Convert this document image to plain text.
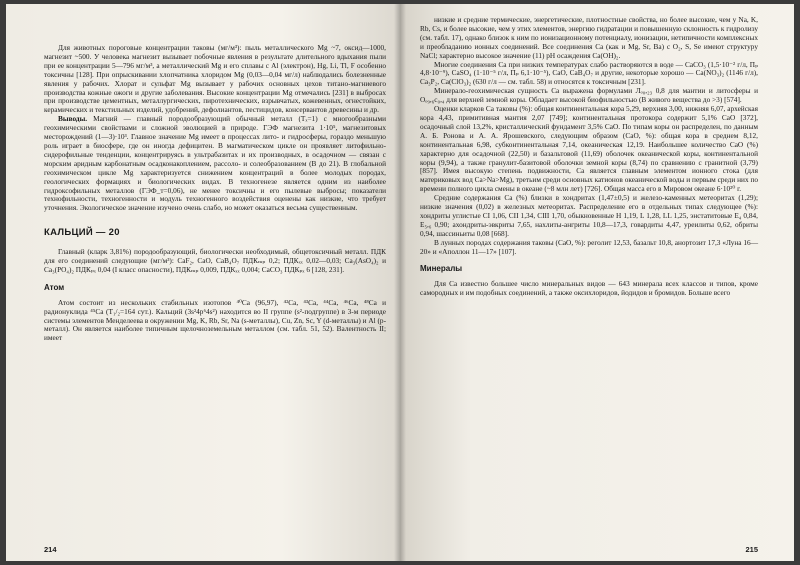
Для животных пороговые концентрации таковы (мг/м³): пыль металлического Mg ~7, оксид—1000, магнезит ~500. У человека магнезит вызывает побочные явления в результате длительного вдыхания пыли при ее концентрации 5—796 мг/м³, а металлический Mg и его сплавы с Al (электрон), Hg, Li, Tl, F особенно токсичны [128]. При опрыскивании хлопчатника хлоридом Mg (0,03—0,04 мг/л) наблюдались болезненные явления у рабочих. Хлорат и сульфат Mg вызывает у рабочих основных цехов титано-магниевого производства кожные ожоги и другие заболевания. Высокие концентрации Mg отмечались [231] в выбросах при производстве цементных, металлургических, пиротехнических, взрывчатых, кожевенных, огнестойких, керамических и текстильных изделий, удобрений, дефолиантов, пестицидов, консервантов древесины и др.

Выводы. Магний — главный породообразующий обычный металл (Tₓ=1) с многообразными геохимическими свойствами и сложной эволюцией в природе. ГЭФ магнезита 1·10⁵, магнезитовых месторождений (1—3)·10³. Главное значение Mg имеет в процессах лито- и гидросферы, гораздо меньшую роль играет в биосфере, где он иногда дефицитен. В магматическом цикле он проявляет литофильно-сидерофильные тенденции, концентрируясь в ультрабазитах и их производных, в осадочном — связан с морским аридным карбонатным осадконакоплением, рассоло- и солеобразованием (В до 21). В глобальной геохимическом цикле Mg характеризуется снижением концентраций в более молодых породах, геологических формациях и биологических видах. В техногенезе является одним из наиболее гидроксофильных металлов (ГЭФ_т=0,06), не менее токсичны и его пылевые выбросы; показатели технофильности, техногенности и модуль техногенного воздействия оценены как низкие, что требует уточнения. Экологическое значение изучено очень слабо, но может оказаться весьма существенным.

КАЛЬЦИЙ — 20

Главный (кларк 3,81%) породообразующий, биологически необходимый, общетоксичный металл. ПДК для его соединений следующие (мг/м³): CaF₂, CaO, CaB₄O₇ ПДКₘₚ 0,2; ПДКₓₓ 0,02—0,03; Ca₃(AsO₄)₂ и Ca₃(PO₄)₂ ПДКₚₓ 0,04 (I класс опасности), ПДКₘₚ 0,009, ПДКₓₓ 0,004; CaCO₃ ПДКₚₓ 6 [128, 231].

Атом

Атом состоит из нескольких стабильных изотопов ⁴⁰Ca (96,97), ⁴²Ca, ⁴³Ca, ⁴⁴Ca, ⁴⁶Ca, ⁴⁸Ca и радионуклида ⁴⁵Ca (T₁/₂=164 сут.). Кальций (3s²4p⁶4s²) находится во II группе (s²-подгруппе) в 3-м периоде системы элементов Менделеева в окружении Mg, K, Rb, Sr, Na (s-металлы), Cu, Zn, Sc, Y (d-металлы) и Al (p-металл). Он является наиболее типичным щелочноземельным металлом (см. табл. 51, 52). Валентность II; имеет

214

низкие и средние термические, энергетические, плотностные свойства, но более высокие, чем у Na, K, Rb, Cs, и более высокие, чем у этих элементов, энергию гидратации и повышенную склонность к гидролизу (см. табл. 17), однако близок к ним по ионизационному потенциалу, ионизации, нетипичности комплексных и преобладанию ионных соединений. Все соединения Ca (как и Mg, Sr, Ba) с O₂, S, Se имеют структуру NaCl; характерно высокое значение (11) pH осаждения Ca(OH)₂.

Многие соединения Ca при низких температурах слабо растворяются в воде — CaCO₃ (1,5·10⁻² г/л, Пₚ 4,8·10⁻⁹), CaSO₄ (1·10⁻⁵ г/л, Пₚ 6,1·10⁻⁵), CaO, CaB₄O₇ и другие, некоторые хорошо — Ca(NO₃)₂ (1146 г/л), Ca₃P₂, Ca(ClO₃)₂ (630 г/л — см. табл. 58) и относятся к токсичным [231].

Минерало-геохимическая сущность Ca выражена формулами Лₒ₀,₂₃ 0,8 для мантии и литосферы и Оₒ₉,₆с₀,₄ для верхней земной коры. Обладает высокой биофильностью (В живого вещества до >3) [574].

Оценки кларков Ca таковы (%): общая континентальная кора 5,29, верхняя 3,00, нижняя 6,07, архейская кора 4,43, примитивная мантия 2,07 [749]; континентальная протокора содержит 5,1% CaO [372], осадочный слой 13,2%, кристаллический фундамент 3,5% CaO. По типам коры он распределен, по данным А. Б. Ронова и А. А. Ярошевского, следующим образом (CaO, %): общая кора в среднем 8,12, континентальная 6,98, субконтинентальная 7,14, океаническая 12,19. Наибольшее количество CaO (%) характерно для осадочной (22,50) и базальтовой (11,69) оболочек океанической коры, континентальной коры (9,94), а также гранулит-базитовой оболочки земной коры (8,74) по сравнению с гранитной (3,79) [857]. Имея высокую степень подвижности, Ca является главным элементом ионного стока (для материковых вод Ca>Na>Mg), третьим среди основных катионов океанической воды и первым среди них по времени полного цикла смены в океане (~8 млн лет) [726]. Общая масса его в Мировом океане 6·10²⁰ г.

Средние содержания Ca (%) близки в хондритах (1,47±0,5) и железо-каменных метеоритах (1,29); низкие значения (0,02) в железных метеоритах. Распределение его в отдельных типах следующее (%): хондриты углистые CI 1,06, CII 1,34, CIII 1,70, обыкновенные H 1,19, L 1,28, LL 1,25, энстатитовые E₄ 0,84, E₅,₆ 0,90; ахондриты-эвкриты 7,65, нахлиты-ангриты 10,8—17,3, говардиты 4,47, уреилиты 0,62, обриты 0,94, шассиньиты 0,08 [668].

В лунных породах содержания таковы (CaO, %): реголит 12,53, базальт 10,8, анортозит 17,3 «Луна 16—20» и «Аполлон 11—17» [107].

Минералы

Для Ca известно большее число минеральных видов — 643 минерала всех классов и типов, кроме самородных и им подобных соединений, а также оксихлоридов, йодидов и бромидов. Больше всего

215
